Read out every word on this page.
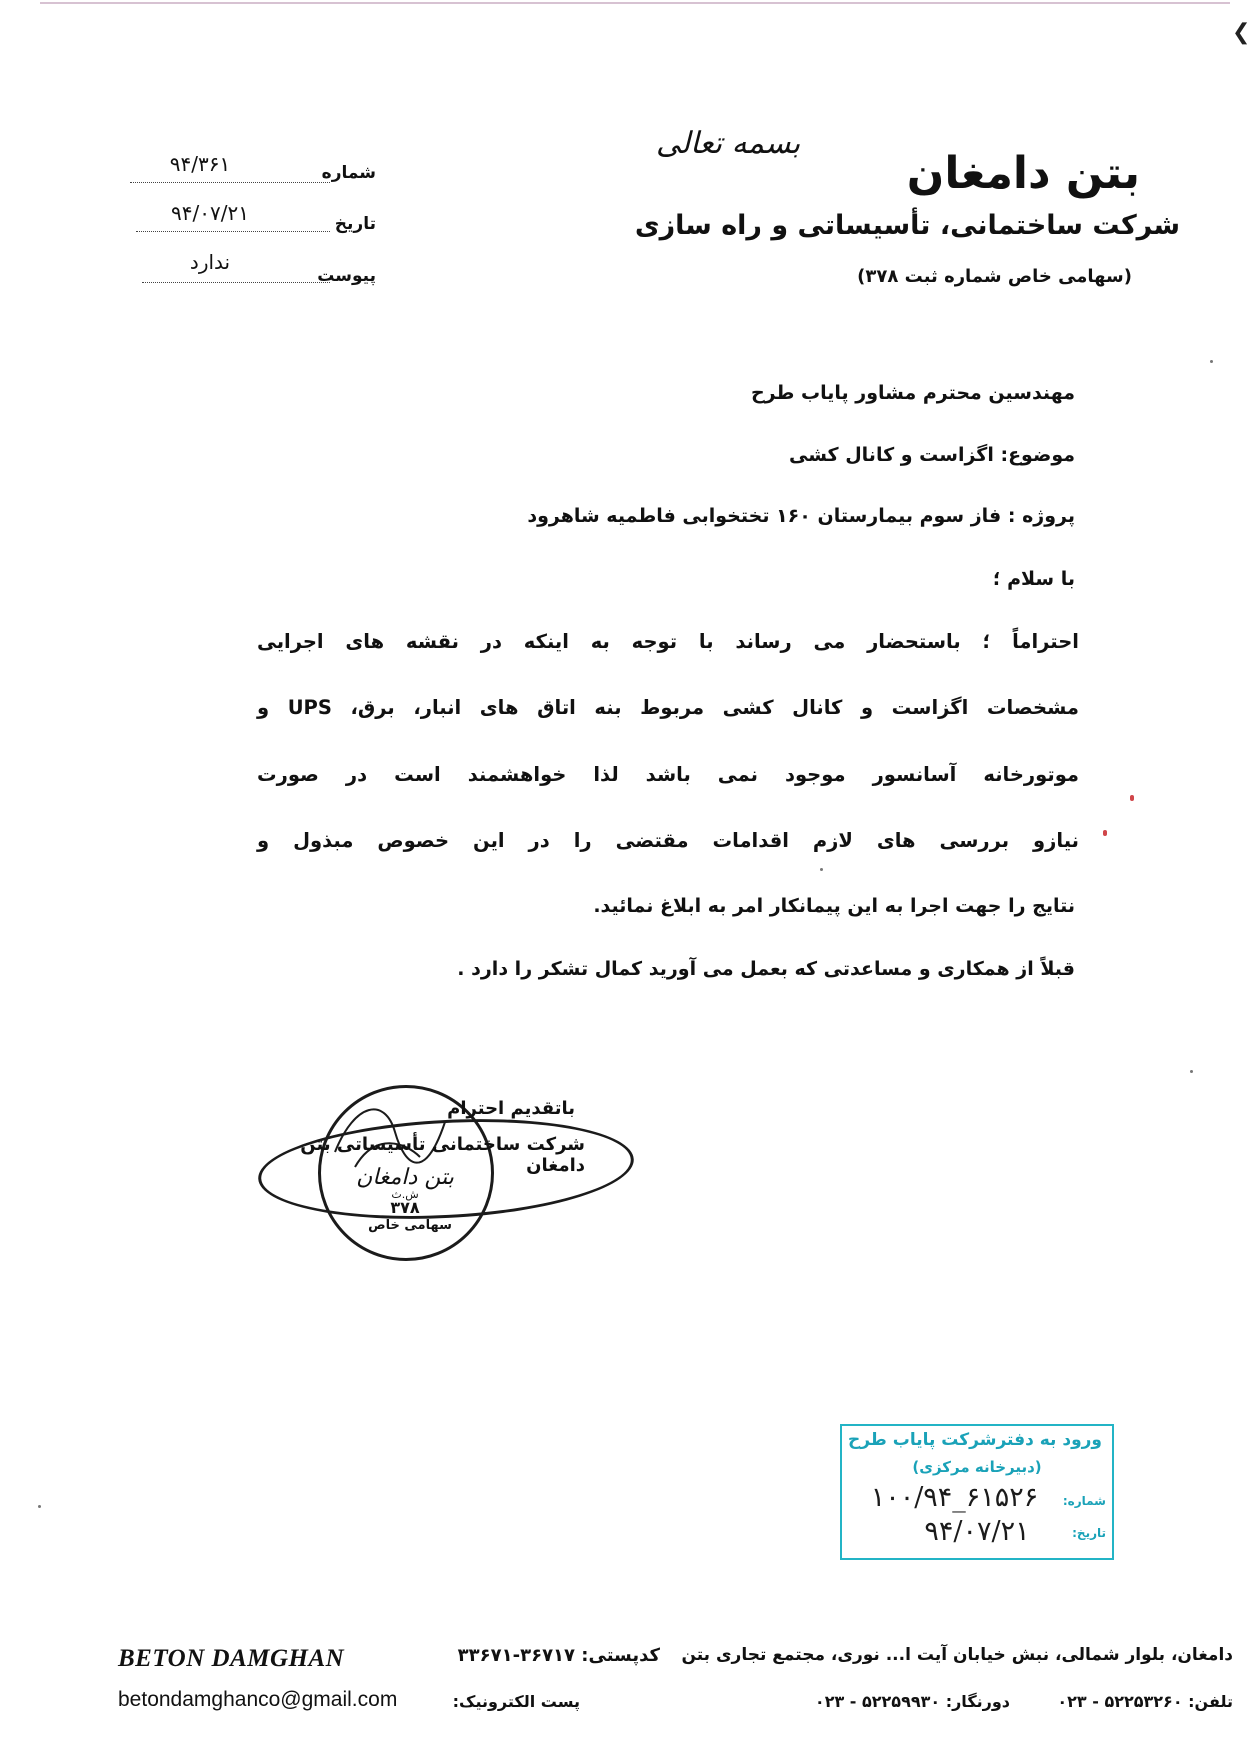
❮
شماره
۹۴/۳۶۱
تاریخ
۹۴/۰۷/۲۱
پیوست
ندارد
بسمه تعالی
بتن دامغان
شرکت ساختمانی، تأسیساتی و راه سازی
(سهامی خاص شماره ثبت ۳۷۸)
مهندسین محترم مشاور پایاب طرح
موضوع: اگزاست و کانال کشی
پروژه : فاز سوم بیمارستان ۱۶۰ تختخوابی فاطمیه شاهرود
با سلام ؛
احتراماً ؛ باستحضار می رساند با توجه به اینکه در نقشه های اجرایی
مشخصات اگزاست و کانال کشی مربوط بنه اتاق های انبار، برق، UPS و
موتورخانه آسانسور موجود نمی باشد لذا خواهشمند است در صورت
نیازو بررسی های لازم اقدامات مقتضی را در این خصوص مبذول و
نتایج را جهت اجرا به این پیمانکار امر به ابلاغ نمائید.
قبلاً از همکاری و مساعدتی که بعمل می آورید کمال تشکر را دارد .
باتقدیم احترام
شرکت ساختمانی تأسیساتی بتن دامغان
بتن دامغان
ش.ث
۳۷۸
سهامی خاص
ورود به دفترشرکت پایاب طرح
(دبیرخانه مرکزی)
شماره:
۱۰۰/۹۴_۶۱۵۲۶
تاریخ:
۹۴/۰۷/۲۱
BETON DAMGHAN	کدپستی: ۳۶۷۱۷-۳۳۶۷۱ دامغان، بلوار شمالی، نبش خیابان آیت ا... نوری، مجتمع تجاری بتن
betondamghanco@gmail.com	پست الکترونیک:	دورنگار: ۵۲۲۵۹۹۳۰ - ۰۲۳	تلفن: ۵۲۲۵۳۲۶۰ - ۰۲۳
